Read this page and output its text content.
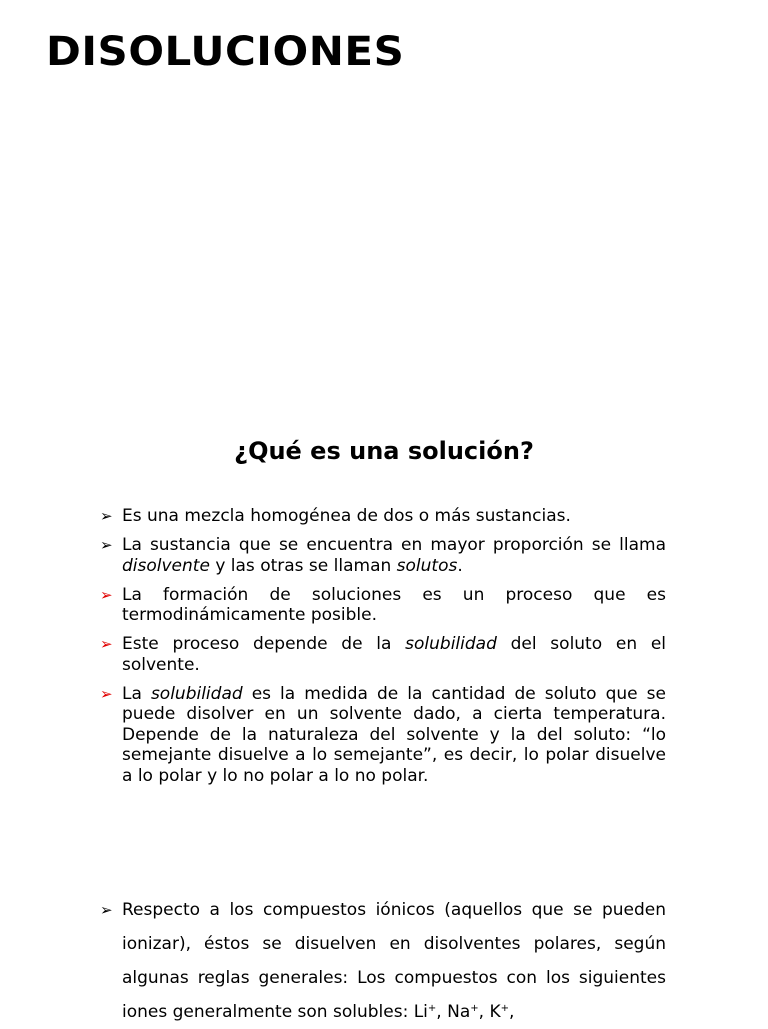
DISOLUCIONES
¿Qué es una solución?
➢ Es una mezcla homogénea de dos o más sustancias.
➢ La sustancia que se encuentra en mayor proporción se llama disolvente y las otras se llaman solutos.
➢ La formación de soluciones es un proceso que es termodinámicamente posible.
➢ Este proceso depende de la solubilidad del soluto en el solvente.
➢ La solubilidad es la medida de la cantidad de soluto que se puede disolver en un solvente dado, a cierta temperatura. Depende de la naturaleza del solvente y la del soluto: “lo semejante disuelve a lo semejante”, es decir, lo polar disuelve a lo polar y lo no polar a lo no polar.
➢ Respecto a los compuestos iónicos (aquellos que se pueden ionizar), éstos se disuelven en disolventes polares, según algunas reglas generales: Los compuestos con los siguientes iones generalmente son solubles: Li+, Na+, K+,
